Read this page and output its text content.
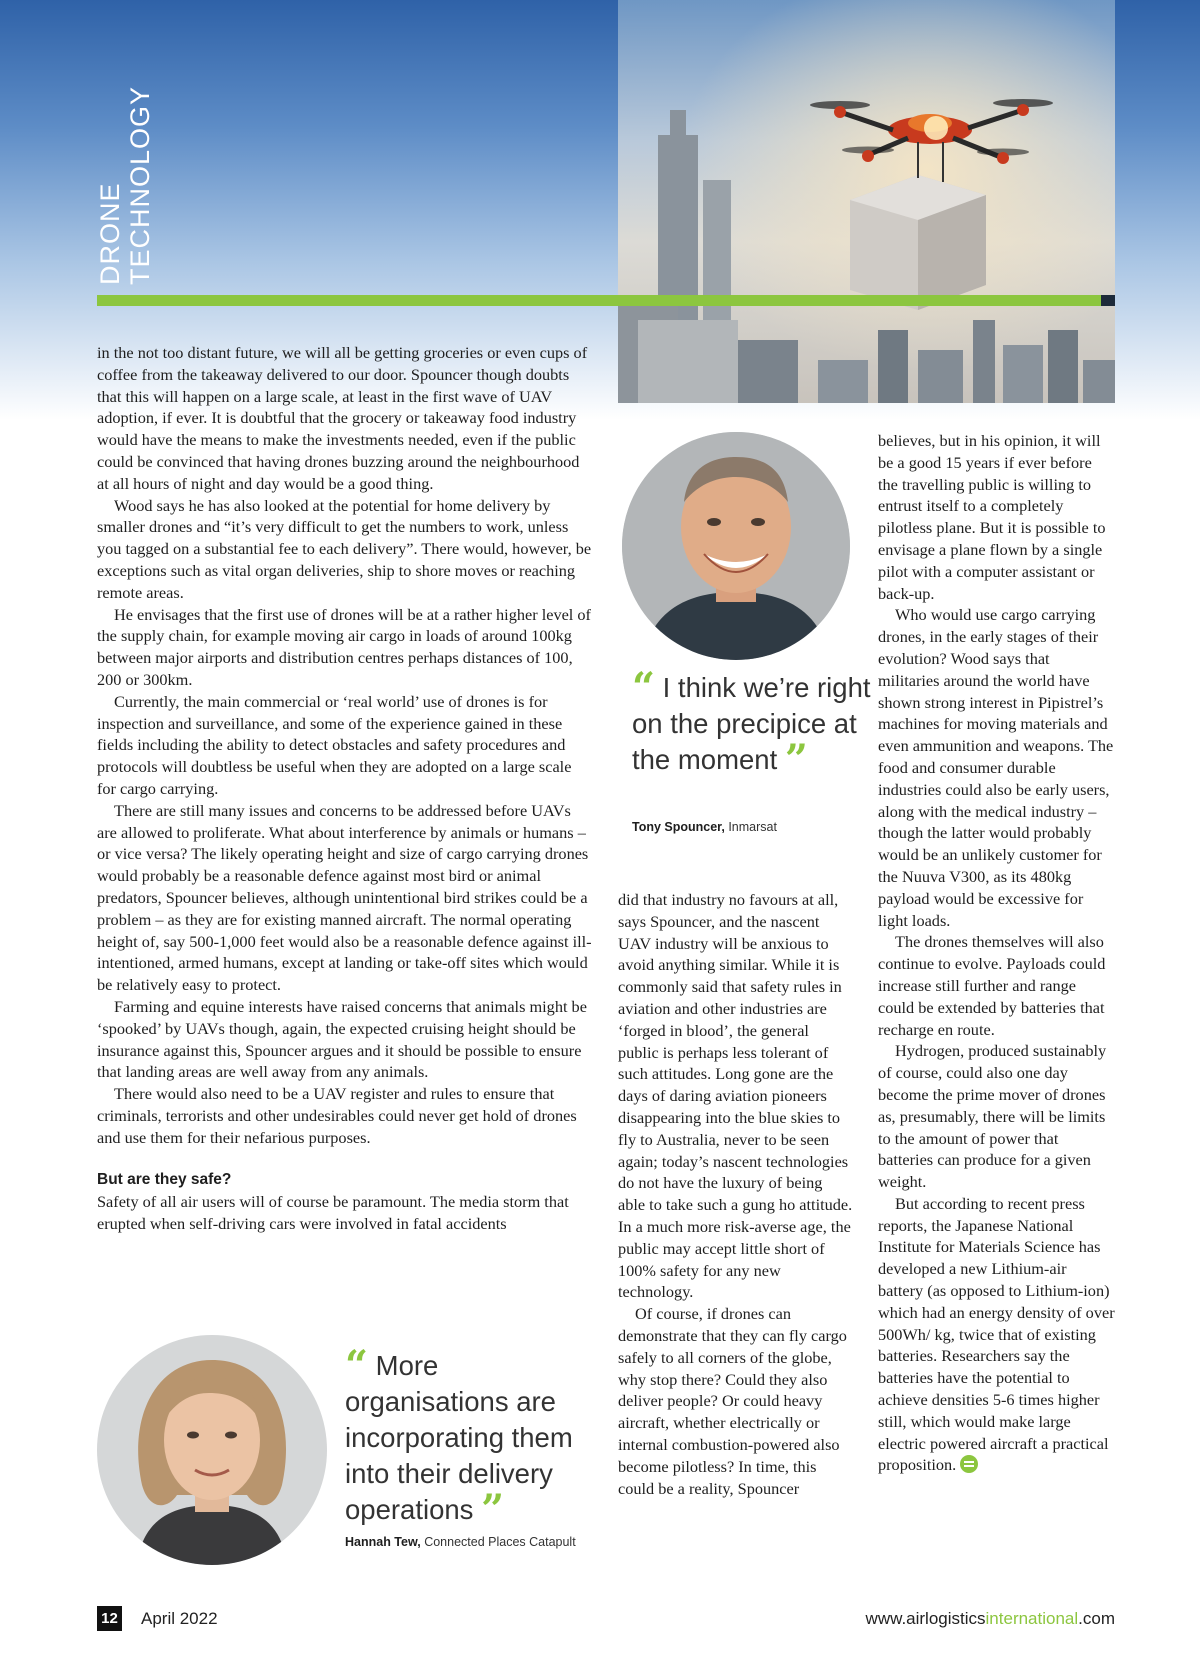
DRONE TECHNOLOGY

in the not too distant future, we will all be getting groceries or even cups of coffee from the takeaway delivered to our door. Spouncer though doubts that this will happen on a large scale, at least in the first wave of UAV adoption, if ever. It is doubtful that the grocery or takeaway food industry would have the means to make the investments needed, even if the public could be convinced that having drones buzzing around the neighbourhood at all hours of night and day would be a good thing.

Wood says he has also looked at the potential for home delivery by smaller drones and “it’s very difficult to get the numbers to work, unless you tagged on a substantial fee to each delivery”. There would, however, be exceptions such as vital organ deliveries, ship to shore moves or reaching remote areas.

He envisages that the first use of drones will be at a rather higher level of the supply chain, for example moving air cargo in loads of around 100kg between major airports and distribution centres perhaps distances of 100, 200 or 300km.

Currently, the main commercial or ‘real world’ use of drones is for inspection and surveillance, and some of the experience gained in these fields including the ability to detect obstacles and safety procedures and protocols will doubtless be useful when they are adopted on a large scale for cargo carrying.

There are still many issues and concerns to be addressed before UAVs are allowed to proliferate. What about interference by animals or humans – or vice versa? The likely operating height and size of cargo carrying drones would probably be a reasonable defence against most bird or animal predators, Spouncer believes, although unintentional bird strikes could be a problem – as they are for existing manned aircraft. The normal operating height of, say 500-1,000 feet would also be a reasonable defence against ill-intentioned, armed humans, except at landing or take-off sites which would be relatively easy to protect.

Farming and equine interests have raised concerns that animals might be ‘spooked’ by UAVs though, again, the expected cruising height should be insurance against this, Spouncer argues and it should be possible to ensure that landing areas are well away from any animals.

There would also need to be a UAV register and rules to ensure that criminals, terrorists and other undesirables could never get hold of drones and use them for their nefarious purposes.

But are they safe?

Safety of all air users will of course be paramount. The media storm that erupted when self-driving cars were involved in fatal accidents

“ I think we’re right on the precipice at the moment ”
Tony Spouncer, Inmarsat

did that industry no favours at all, says Spouncer, and the nascent UAV industry will be anxious to avoid anything similar. While it is commonly said that safety rules in aviation and other industries are ‘forged in blood’, the general public is perhaps less tolerant of such attitudes. Long gone are the days of daring aviation pioneers disappearing into the blue skies to fly to Australia, never to be seen again; today’s nascent technologies do not have the luxury of being able to take such a gung ho attitude. In a much more risk-averse age, the public may accept little short of 100% safety for any new technology.

Of course, if drones can demonstrate that they can fly cargo safely to all corners of the globe, why stop there? Could they also deliver people? Or could heavy aircraft, whether electrically or internal combustion-powered also become pilotless? In time, this could be a reality, Spouncer

believes, but in his opinion, it will be a good 15 years if ever before the travelling public is willing to entrust itself to a completely pilotless plane. But it is possible to envisage a plane flown by a single pilot with a computer assistant or back-up.

Who would use cargo carrying drones, in the early stages of their evolution? Wood says that militaries around the world have shown strong interest in Pipistrel’s machines for moving materials and even ammunition and weapons. The food and consumer durable industries could also be early users, along with the medical industry – though the latter would probably would be an unlikely customer for the Nuuva V300, as its 480kg payload would be excessive for light loads.

The drones themselves will also continue to evolve. Payloads could increase still further and range could be extended by batteries that recharge en route.

Hydrogen, produced sustainably of course, could also one day become the prime mover of drones as, presumably, there will be limits to the amount of power that batteries can produce for a given weight.

But according to recent press reports, the Japanese National Institute for Materials Science has developed a new Lithium-air battery (as opposed to Lithium-ion) which had an energy density of over 500Wh/ kg, twice that of existing batteries. Researchers say the batteries have the potential to achieve densities 5-6 times higher still, which would make large electric powered aircraft a practical proposition.

“ More organisations are incorporating them into their delivery operations ”
Hannah Tew, Connected Places Catapult
12 April 2022	www.airlogisticsinternational.com
